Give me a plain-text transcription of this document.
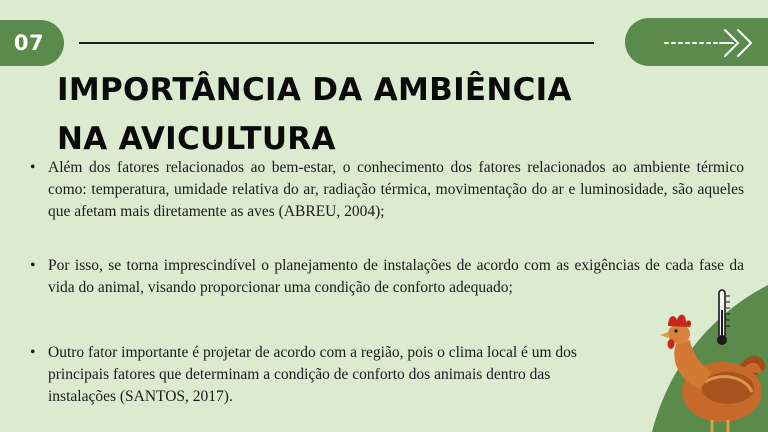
07
IMPORTÂNCIA DA AMBIÊNCIA NA AVICULTURA
• Além dos fatores relacionados ao bem-estar, o conhecimento dos fatores relacionados ao ambiente térmico como: temperatura, umidade relativa do ar, radiação térmica, movimentação do ar e luminosidade, são aqueles que afetam mais diretamente as aves (ABREU, 2004);
• Por isso, se torna imprescindível o planejamento de instalações de acordo com as exigências de cada fase da vida do animal, visando proporcionar uma condição de conforto adequado;
• Outro fator importante é projetar de acordo com a região, pois o clima local é um dos principais fatores que determinam a condição de conforto dos animais dentro das instalações (SANTOS, 2017).
